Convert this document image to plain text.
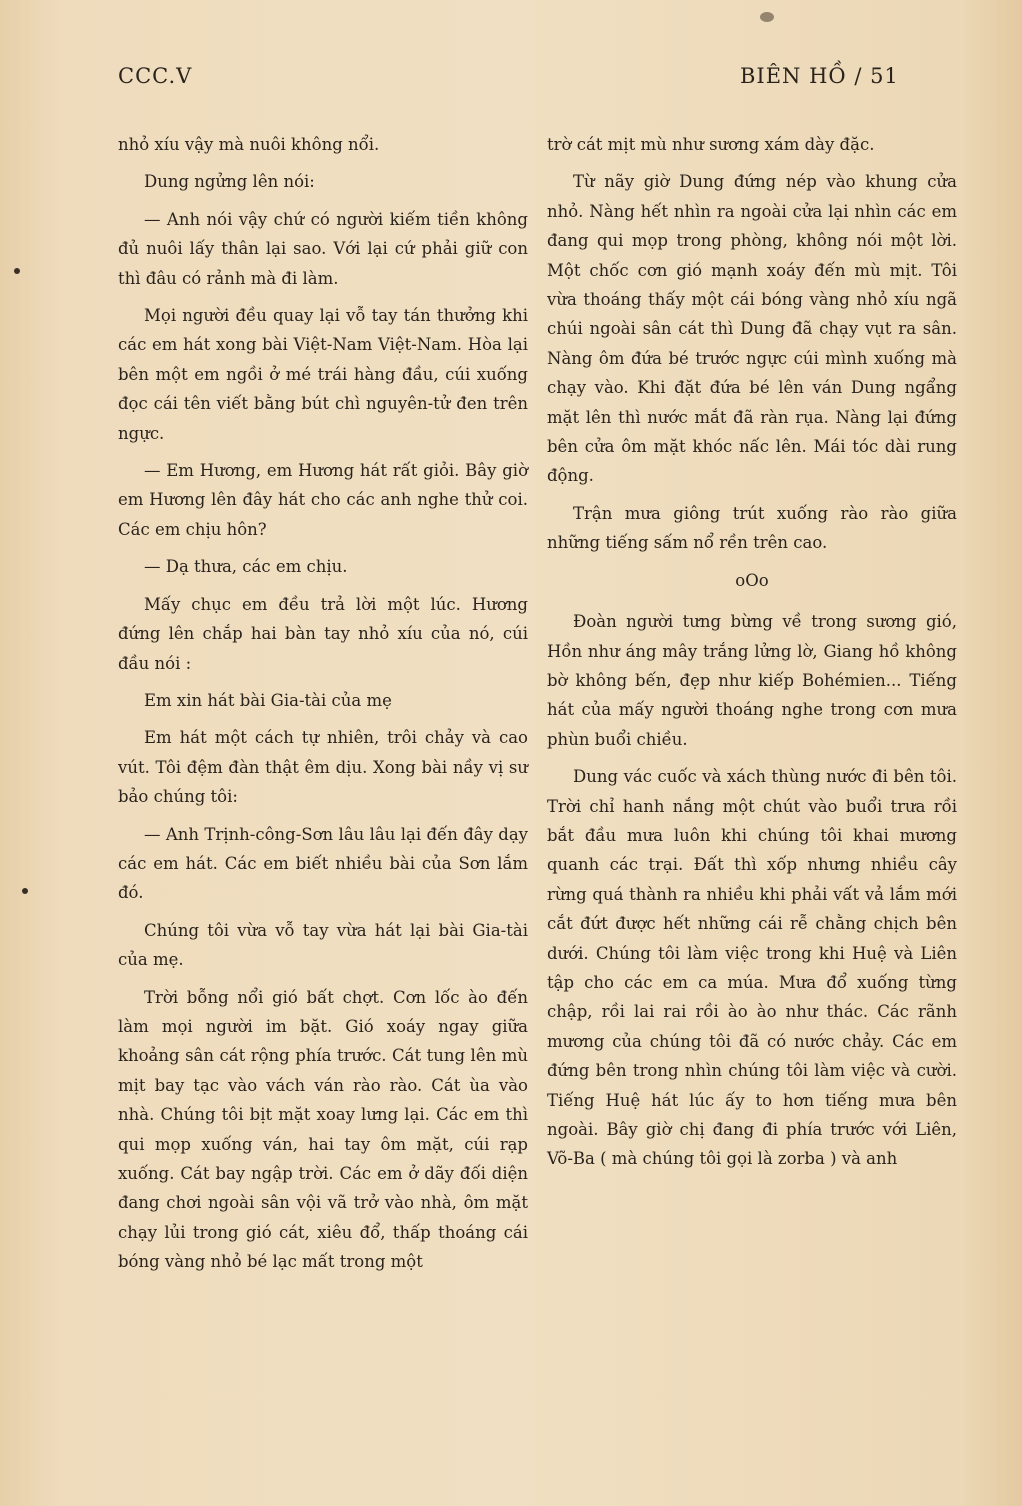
CCC.V	BIÊN HỒ / 51

nhỏ xíu vậy mà nuôi không nổi.

Dung ngửng lên nói:

— Anh nói vậy chứ có người kiếm tiền không đủ nuôi lấy thân lại sao. Với lại cứ phải giữ con thì đâu có rảnh mà đi làm.

Mọi người đều quay lại vỗ tay tán thưởng khi các em hát xong bài Việt-Nam Việt-Nam. Hòa lại bên một em ngồi ở mé trái hàng đầu, cúi xuống đọc cái tên viết bằng bút chì nguyên-tử đen trên ngực.

— Em Hương, em Hương hát rất giỏi. Bây giờ em Hương lên đây hát cho các anh nghe thử coi. Các em chịu hôn?

— Dạ thưa, các em chịu.

Mấy chục em đều trả lời một lúc. Hương đứng lên chắp hai bàn tay nhỏ xíu của nó, cúi đầu nói :

Em xin hát bài Gia-tài của mẹ

Em hát một cách tự nhiên, trôi chảy và cao vút. Tôi đệm đàn thật êm dịu. Xong bài nầy vị sư bảo chúng tôi:

— Anh Trịnh-công-Sơn lâu lâu lại đến đây dạy các em hát. Các em biết nhiều bài của Sơn lắm đó.

Chúng tôi vừa vỗ tay vừa hát lại bài Gia-tài của mẹ.

Trời bỗng nổi gió bất chợt. Cơn lốc ào đến làm mọi người im bặt. Gió xoáy ngay giữa khoảng sân cát rộng phía trước. Cát tung lên mù mịt bay tạc vào vách ván rào rào. Cát ùa vào nhà. Chúng tôi bịt mặt xoay lưng lại. Các em thì qui mọp xuống ván, hai tay ôm mặt, cúi rạp xuống. Cát bay ngập trời. Các em ở dãy đối diện đang chơi ngoài sân vội vã trở vào nhà, ôm mặt chạy lủi trong gió cát, xiêu đổ, thấp thoáng cái bóng vàng nhỏ bé lạc mất trong một

trờ cát mịt mù như sương xám dày đặc.

Từ nãy giờ Dung đứng nép vào khung cửa nhỏ. Nàng hết nhìn ra ngoài cửa lại nhìn các em đang qui mọp trong phòng, không nói một lời. Một chốc cơn gió mạnh xoáy đến mù mịt. Tôi vừa thoáng thấy một cái bóng vàng nhỏ xíu ngã chúi ngoài sân cát thì Dung đã chạy vụt ra sân. Nàng ôm đứa bé trước ngực cúi mình xuống mà chạy vào. Khi đặt đứa bé lên ván Dung ngẩng mặt lên thì nước mắt đã ràn rụa. Nàng lại đứng bên cửa ôm mặt khóc nấc lên. Mái tóc dài rung động.

Trận mưa giông trút xuống rào rào giữa những tiếng sấm nổ rền trên cao.

oOo

Đoàn người tưng bừng về trong sương gió, Hồn như áng mây trắng lửng lờ, Giang hồ không bờ không bến, đẹp như kiếp Bohémien... Tiếng hát của mấy người thoáng nghe trong cơn mưa phùn buổi chiều.

Dung vác cuốc và xách thùng nước đi bên tôi. Trời chỉ hanh nắng một chút vào buổi trưa rồi bắt đầu mưa luôn khi chúng tôi khai mương quanh các trại. Đất thì xốp nhưng nhiều cây rừng quá thành ra nhiều khi phải vất vả lắm mới cắt đứt được hết những cái rễ chằng chịch bên dưới. Chúng tôi làm việc trong khi Huệ và Liên tập cho các em ca múa. Mưa đổ xuống từng chập, rồi lai rai rồi ào ào như thác. Các rãnh mương của chúng tôi đã có nước chảy. Các em đứng bên trong nhìn chúng tôi làm việc và cười. Tiếng Huệ hát lúc ấy to hơn tiếng mưa bên ngoài. Bây giờ chị đang đi phía trước với Liên, Võ-Ba ( mà chúng tôi gọi là zorba ) và anh
